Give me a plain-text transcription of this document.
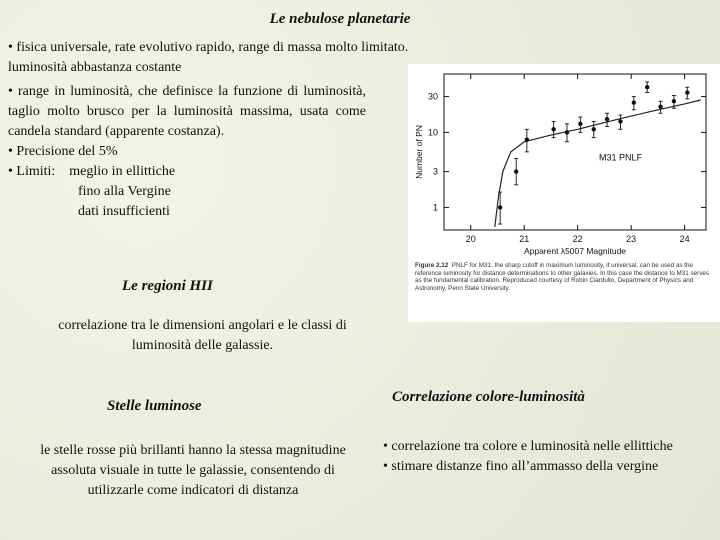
Le nebulose planetarie
• fisica universale, rate evolutivo rapido, range di massa molto limitato.
luminosità abbastanza costante
• range in luminosità, che definisce la funzione di luminosità, taglio molto brusco per la luminosità massima, usata come candela standard (apparente costanza).
• Precisione del 5%
• Limiti: meglio in ellittiche
fino alla Vergine
dati insufficienti
20	21	22	23	24
1
3
10
30
Apparent λ5007 Magnitude
Number of PN	M31 PNLF
Figure 2.12 PNLF for M31: the sharp cutoff in maximum luminosity, if universal, can be used as the reference luminosity for distance determinations to other galaxies. In this case the distance to M31 serves as the fundamental calibration. Reproduced courtesy of Robin Ciardullo, Department of Physics and Astronomy, Penn State University.
Le regioni HII
correlazione tra le dimensioni angolari e le classi di luminosità delle galassie.
Stelle luminose
le stelle rosse più brillanti hanno la stessa magnitudine assoluta visuale in tutte le galassie, consentendo di utilizzarle come indicatori di distanza
Correlazione colore-luminosità
• correlazione tra colore e luminosità nelle ellittiche
• stimare distanze fino all’ammasso della vergine
